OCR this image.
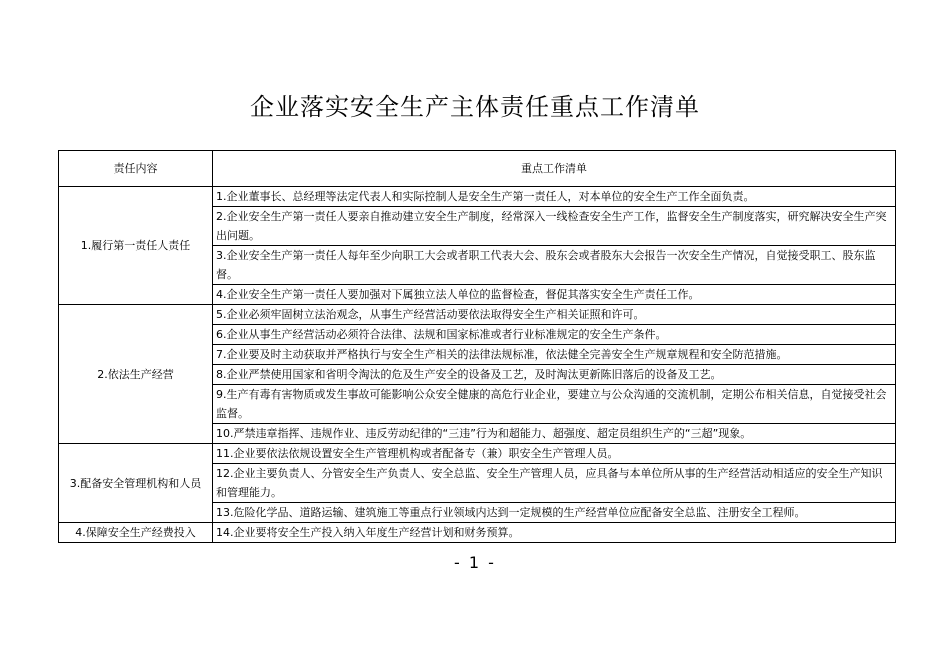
企业落实安全生产主体责任重点工作清单
责任内容	重点工作清单
1.履行第一责任人责任	1.企业董事长、总经理等法定代表人和实际控制人是安全生产第一责任人，对本单位的安全生产工作全面负责。
	2.企业安全生产第一责任人要亲自推动建立安全生产制度，经常深入一线检查安全生产工作，监督安全生产制度落实，研究解决安全生产突出问题。
	3.企业安全生产第一责任人每年至少向职工大会或者职工代表大会、股东会或者股东大会报告一次安全生产情况，自觉接受职工、股东监督。
	4.企业安全生产第一责任人要加强对下属独立法人单位的监督检查，督促其落实安全生产责任工作。
2.依法生产经营	5.企业必须牢固树立法治观念，从事生产经营活动要依法取得安全生产相关证照和许可。
	6.企业从事生产经营活动必须符合法律、法规和国家标准或者行业标准规定的安全生产条件。
	7.企业要及时主动获取并严格执行与安全生产相关的法律法规标准，依法健全完善安全生产规章规程和安全防范措施。
	8.企业严禁使用国家和省明令淘汰的危及生产安全的设备及工艺，及时淘汰更新陈旧落后的设备及工艺。
	9.生产有毒有害物质或发生事故可能影响公众安全健康的高危行业企业，要建立与公众沟通的交流机制，定期公布相关信息，自觉接受社会监督。
	10.严禁违章指挥、违规作业、违反劳动纪律的“三违”行为和超能力、超强度、超定员组织生产的“三超”现象。
3.配备安全管理机构和人员	11.企业要依法依规设置安全生产管理机构或者配备专（兼）职安全生产管理人员。
	12.企业主要负责人、分管安全生产负责人、安全总监、安全生产管理人员，应具备与本单位所从事的生产经营活动相适应的安全生产知识和管理能力。
	13.危险化学品、道路运输、建筑施工等重点行业领域内达到一定规模的生产经营单位应配备安全总监、注册安全工程师。
4.保障安全生产经费投入	14.企业要将安全生产投入纳入年度生产经营计划和财务预算。
- 1 -
